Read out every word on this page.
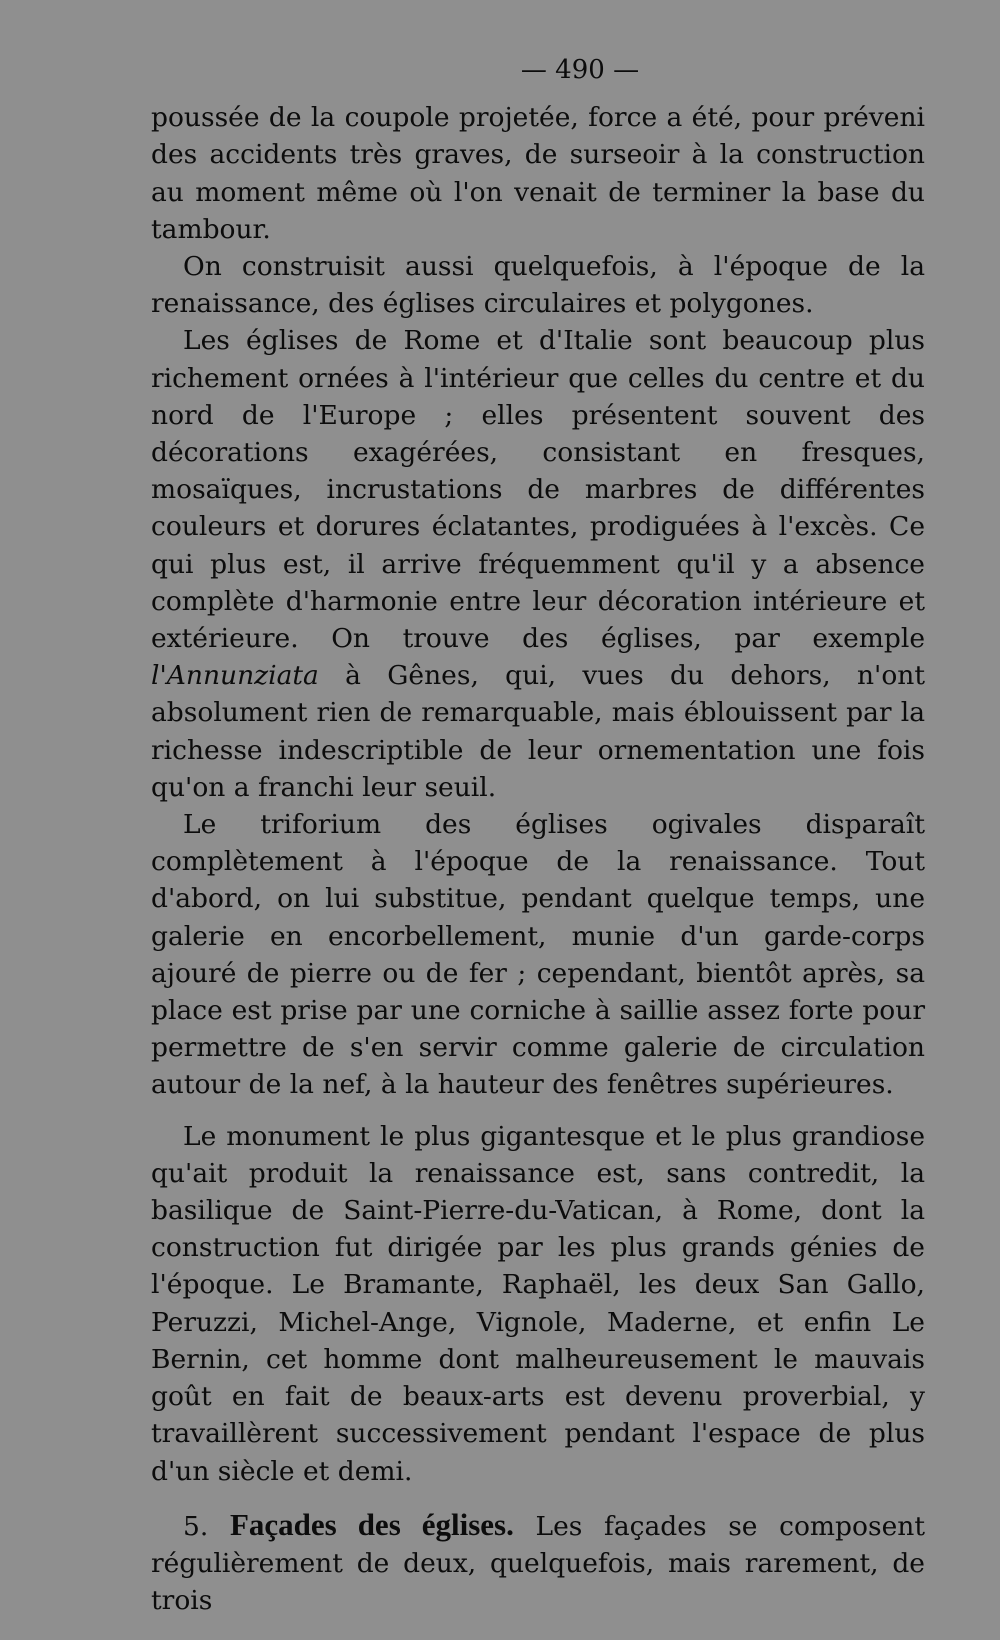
— 490 —

poussée de la coupole projetée, force a été, pour préveni des accidents très graves, de surseoir à la construction au moment même où l'on venait de terminer la base du tambour.

On construisit aussi quelquefois, à l'époque de la renaissance, des églises circulaires et polygones.

Les églises de Rome et d'Italie sont beaucoup plus richement ornées à l'intérieur que celles du centre et du nord de l'Europe ; elles présentent souvent des décorations exagérées, consistant en fresques, mosaïques, incrustations de marbres de différentes couleurs et dorures éclatantes, prodiguées à l'excès. Ce qui plus est, il arrive fréquemment qu'il y a absence complète d'harmonie entre leur décoration intérieure et extérieure. On trouve des églises, par exemple l'Annunziata à Gênes, qui, vues du dehors, n'ont absolument rien de remarquable, mais éblouissent par la richesse indescriptible de leur ornementation une fois qu'on a franchi leur seuil.

Le triforium des églises ogivales disparaît complètement à l'époque de la renaissance. Tout d'abord, on lui substitue, pendant quelque temps, une galerie en encorbellement, munie d'un garde-corps ajouré de pierre ou de fer ; cependant, bientôt après, sa place est prise par une corniche à saillie assez forte pour permettre de s'en servir comme galerie de circulation autour de la nef, à la hauteur des fenêtres supérieures.

Le monument le plus gigantesque et le plus grandiose qu'ait produit la renaissance est, sans contredit, la basilique de Saint-Pierre-du-Vatican, à Rome, dont la construction fut dirigée par les plus grands génies de l'époque. Le Bramante, Raphaël, les deux San Gallo, Peruzzi, Michel-Ange, Vignole, Maderne, et enfin Le Bernin, cet homme dont malheureusement le mauvais goût en fait de beaux-arts est devenu proverbial, y travaillèrent successivement pendant l'espace de plus d'un siècle et demi.

5. Façades des églises. Les façades se composent régulièrement de deux, quelquefois, mais rarement, de trois
